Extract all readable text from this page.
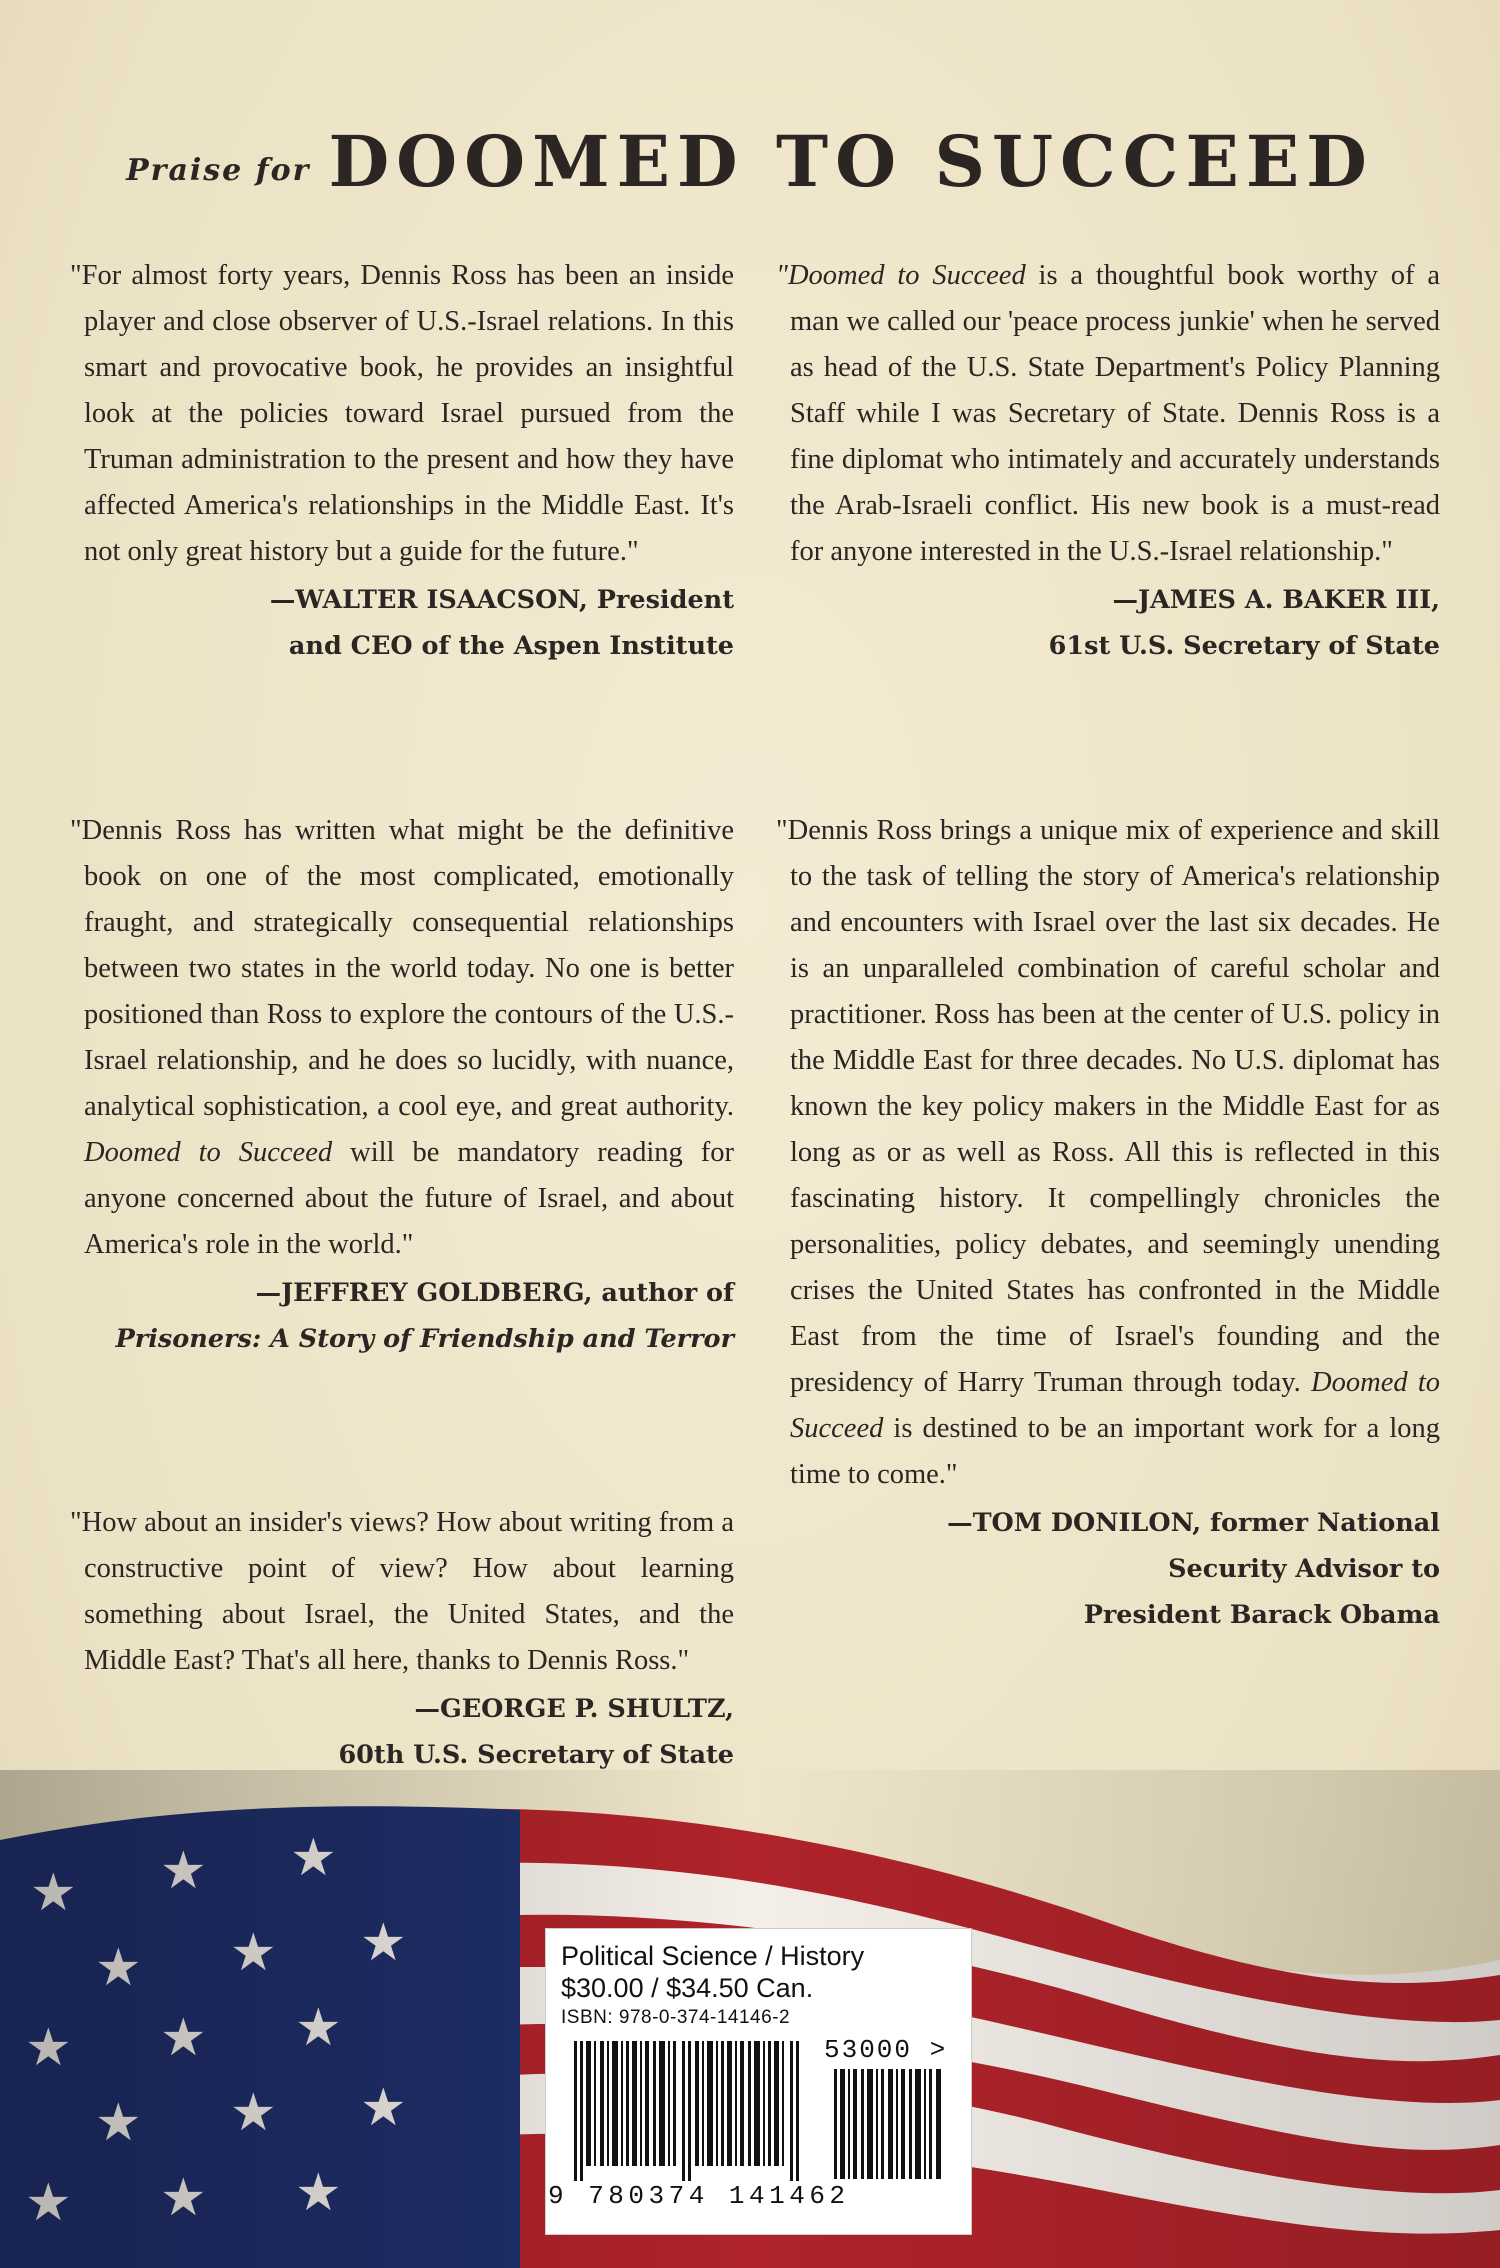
Praise for DOOMED TO SUCCEED
"For almost forty years, Dennis Ross has been an inside player and close observer of U.S.-Israel relations. In this smart and provocative book, he provides an insightful look at the policies toward Israel pursued from the Truman administration to the present and how they have affected America's relationships in the Middle East. It's not only great history but a guide for the future."
—WALTER ISAACSON, President
and CEO of the Aspen Institute
"Dennis Ross has written what might be the definitive book on one of the most complicated, emotionally fraught, and strategically consequential relationships between two states in the world today. No one is better positioned than Ross to explore the contours of the U.S.-Israel relationship, and he does so lucidly, with nuance, analytical sophistication, a cool eye, and great authority. Doomed to Succeed will be mandatory reading for anyone concerned about the future of Israel, and about America's role in the world."
—JEFFREY GOLDBERG, author of
Prisoners: A Story of Friendship and Terror
"How about an insider's views? How about writing from a constructive point of view? How about learning something about Israel, the United States, and the Middle East? That's all here, thanks to Dennis Ross."
—GEORGE P. SHULTZ,
60th U.S. Secretary of State
"Doomed to Succeed is a thoughtful book worthy of a man we called our 'peace process junkie' when he served as head of the U.S. State Department's Policy Planning Staff while I was Secretary of State. Dennis Ross is a fine diplomat who intimately and accurately understands the Arab-Israeli conflict. His new book is a must-read for anyone interested in the U.S.-Israel relationship."
—JAMES A. BAKER III,
61st U.S. Secretary of State
"Dennis Ross brings a unique mix of experience and skill to the task of telling the story of America's relationship and encounters with Israel over the last six decades. He is an unparalleled combination of careful scholar and practitioner. Ross has been at the center of U.S. policy in the Middle East for three decades. No U.S. diplomat has known the key policy makers in the Middle East for as long as or as well as Ross. All this is reflected in this fascinating history. It compellingly chronicles the personalities, policy debates, and seemingly unending crises the United States has confronted in the Middle East from the time of Israel's founding and the presidency of Harry Truman through today. Doomed to Succeed is destined to be an important work for a long time to come."
—TOM DONILON, former National
Security Advisor to
President Barack Obama
Political Science / History
$30.00 / $34.50 Can.
ISBN: 978-0-374-14146-2
53000 >
9 780374 141462
